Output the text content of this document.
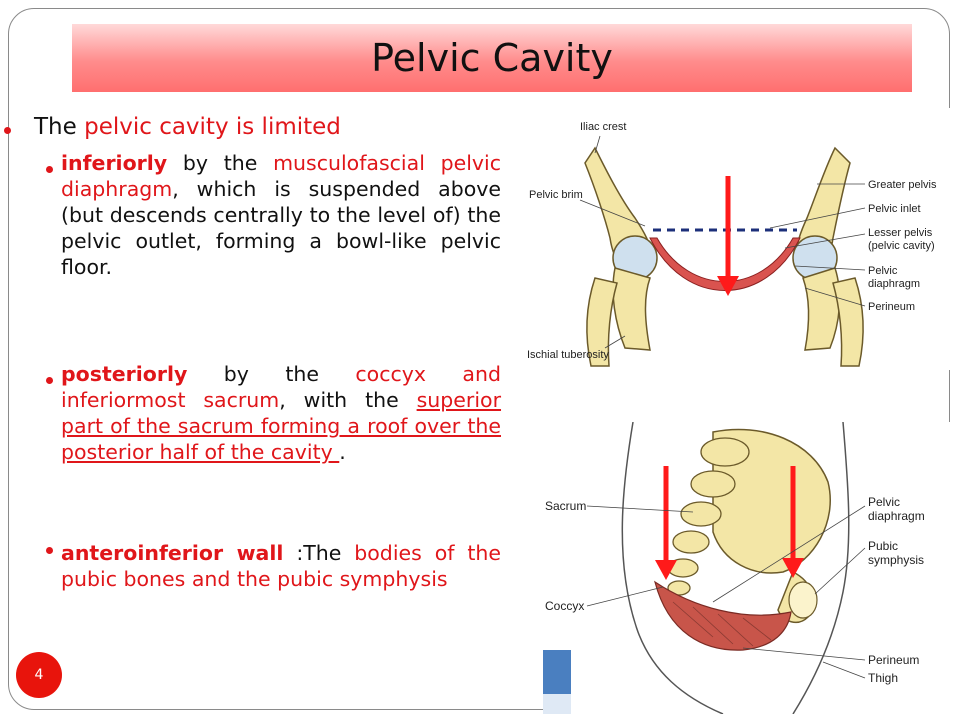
Pelvic Cavity
The pelvic cavity is limited
inferiorly by the musculofascial pelvic diaphragm, which is suspended above (but descends centrally to the level of) the pelvic outlet, forming a bowl-like pelvic floor.
posteriorly by the coccyx and inferiormost sacrum, with the superior part of the sacrum forming a roof over the posterior half of the cavity .
anteroinferior wall :The bodies of the pubic bones and the pubic symphysis
4
Iliac crest
Pelvic brim
Ischial tuberosity
Greater pelvis
Pelvic inlet
Lesser pelvis
(pelvic cavity)
Pelvic
diaphragm
Perineum
Sacrum
Coccyx
Pelvic
diaphragm
Pubic
symphysis
Perineum
Thigh
